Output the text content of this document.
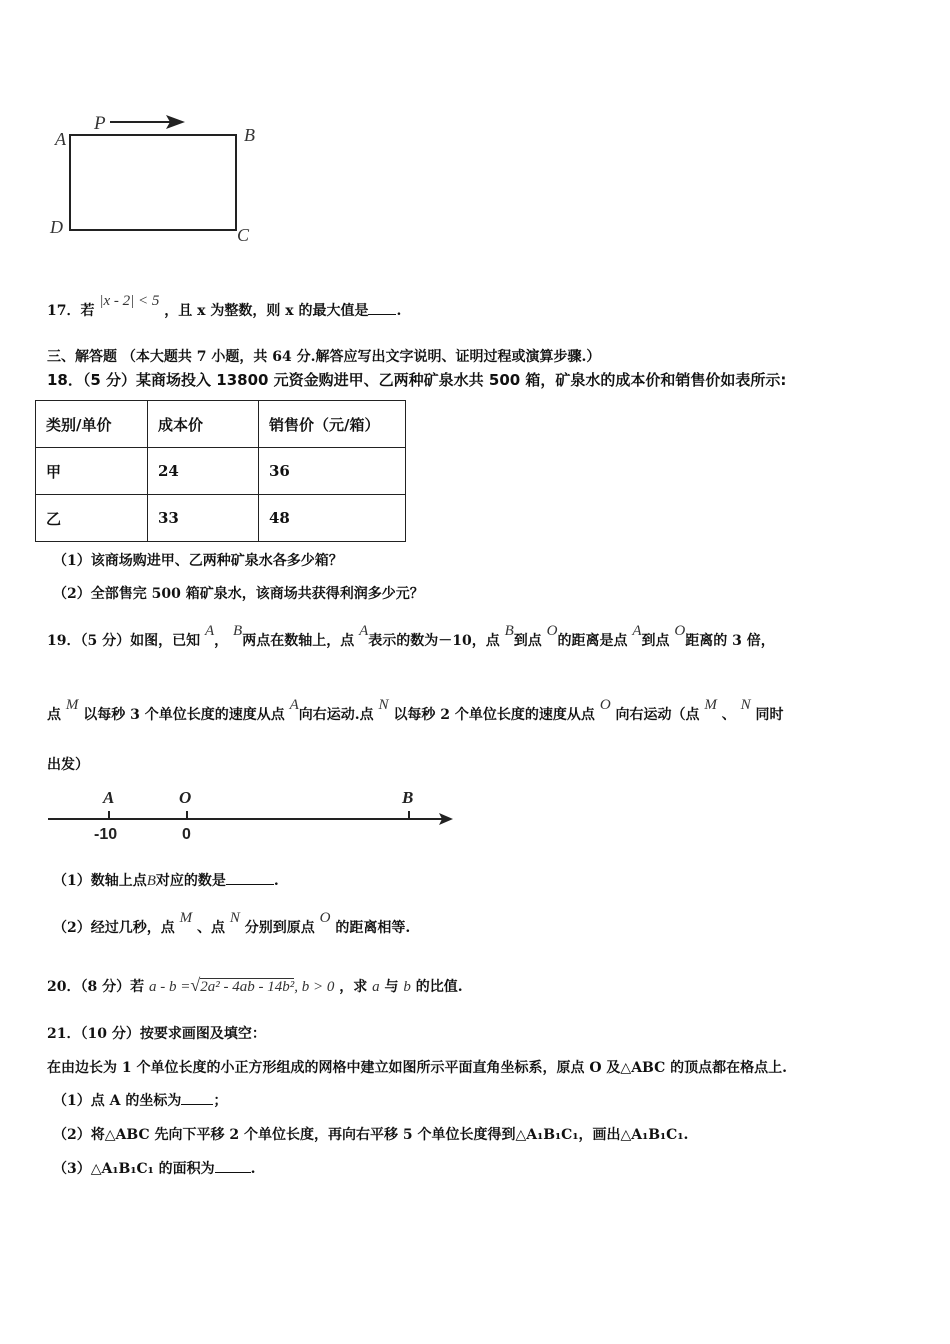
P
A	B
D	C
17．若 |x - 2| < 5 ，且 x 为整数，则 x 的最大值是 .
三、解答题 （本大题共 7 小题，共 64 分.解答应写出文字说明、证明过程或演算步骤.）
18．（5 分）某商场投入 13800 元资金购进甲、乙两种矿泉水共 500 箱，矿泉水的成本价和销售价如表所示:
类别/单价	成本价	销售价（元/箱）
甲	24	36
乙	33	48
（1）该商场购进甲、乙两种矿泉水各多少箱？
（2）全部售完 500 箱矿泉水，该商场共获得利润多少元？
19．（5 分）如图，已知 A， B两点在数轴上，点 A表示的数为－10，点 B到点 O的距离是点 A到点 O距离的 3 倍，
点 M 以每秒 3 个单位长度的速度从点 A向右运动.点 N 以每秒 2 个单位长度的速度从点 O 向右运动（点 M 、 N 同时
出发）
A	O	B
-10	0
（1）数轴上点B对应的数是	.
（2）经过几秒，点 M 、点 N 分别到原点 O 的距离相等.
20．（8 分）若 a - b =√2a² - 4ab - 14b², b > 0 ，求 a 与 b 的比值.
21．（10 分）按要求画图及填空：
在由边长为 1 个单位长度的小正方形组成的网格中建立如图所示平面直角坐标系，原点 O 及△ABC 的顶点都在格点上.
（1）点 A 的坐标为 ；
（2）将△ABC 先向下平移 2 个单位长度，再向右平移 5 个单位长度得到△A₁B₁C₁，画出△A₁B₁C₁.
（3）△A₁B₁C₁ 的面积为	.
